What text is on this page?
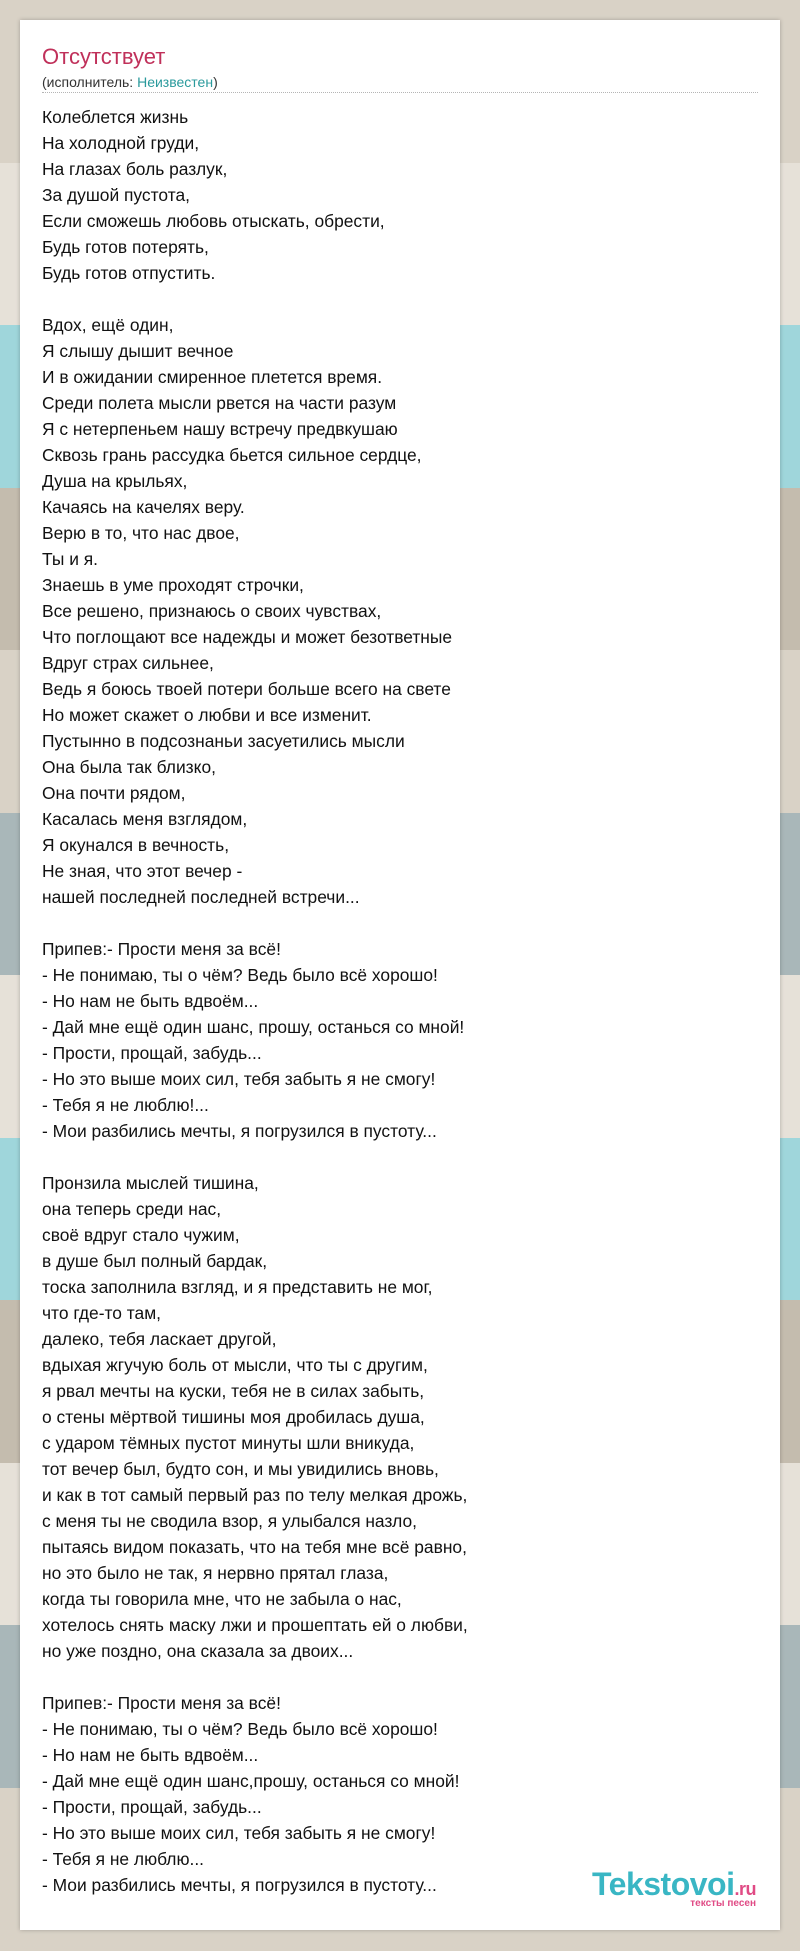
Отсутствует
(исполнитель: Неизвестен)
Колеблется жизнь
На холодной груди,
На глазах боль разлук,
За душой пустота,
Если сможешь любовь отыскать, обрести,
Будь готов потерять,
Будь готов отпустить.
Вдох, ещё один,
Я слышу дышит вечное
И в ожидании смиренное плетется время.
Среди полета мысли рвется на части разум
Я с нетерпеньем нашу встречу предвкушаю
Сквозь грань рассудка бьется сильное сердце,
Душа на крыльях,
Качаясь на качелях веру.
Верю в то, что нас двое,
Ты и я.
Знаешь в уме проходят строчки,
Все решено, признаюсь о своих чувствах,
Что поглощают все надежды и может безответные
Вдруг страх сильнее,
Ведь я боюсь твоей потери больше всего на свете
Но может скажет о любви и все изменит.
Пустынно в подсознаньи засуетились мысли
Она была так близко,
Она почти рядом,
Касалась меня взглядом,
Я окунался в вечность,
Не зная, что этот вечер -
нашей последней последней встречи...
Припев:- Прости меня за всё!
- Не понимаю, ты о чём? Ведь было всё хорошо!
- Но нам не быть вдвоём...
- Дай мне ещё один шанс, прошу, останься со мной!
- Прости, прощай, забудь...
- Но это выше моих сил, тебя забыть я не смогу!
- Тебя я не люблю!...
- Мои разбились мечты, я погрузился в пустоту...
Пронзила мыслей тишина,
она теперь среди нас,
своё вдруг стало чужим,
в душе был полный бардак,
тоска заполнила взгляд, и я представить не мог,
что где-то там,
далеко, тебя ласкает другой,
вдыхая жгучую боль от мысли, что ты с другим,
я рвал мечты на куски, тебя не в силах забыть,
о стены мёртвой тишины моя дробилась душа,
с ударом тёмных пустот минуты шли вникуда,
тот вечер был, будто сон, и мы увидились вновь,
и как в тот самый первый раз по телу мелкая дрожь,
с меня ты не сводила взор, я улыбался назло,
пытаясь видом показать, что на тебя мне всё равно,
но это было не так, я нервно прятал глаза,
когда ты говорила мне, что не забыла о нас,
хотелось снять маску лжи и прошептать ей о любви,
но уже поздно, она сказала за двоих...
Припев:- Прости меня за всё!
- Не понимаю, ты о чём? Ведь было всё хорошо!
- Но нам не быть вдвоём...
- Дай мне ещё один шанс,прошу, останься со мной!
- Прости, прощай, забудь...
- Но это выше моих сил, тебя забыть я не смогу!
- Тебя я не люблю...
- Мои разбились мечты, я погрузился в пустоту...	Tekstovoi.ru
тексты песен
